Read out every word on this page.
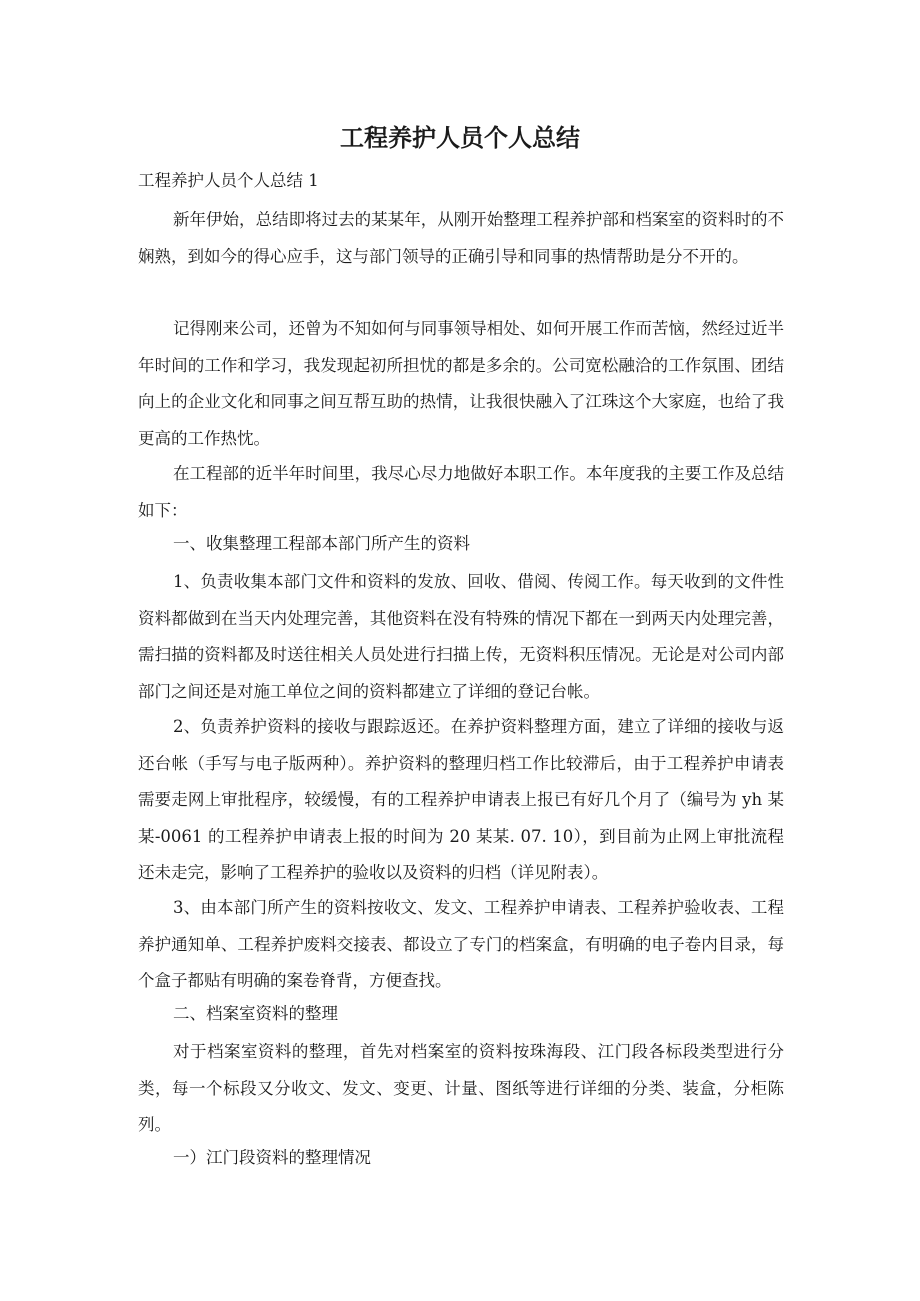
工程养护人员个人总结
工程养护人员个人总结 1
新年伊始，总结即将过去的某某年，从刚开始整理工程养护部和档案室的资料时的不娴熟，到如今的得心应手，这与部门领导的正确引导和同事的热情帮助是分不开的。
记得刚来公司，还曾为不知如何与同事领导相处、如何开展工作而苦恼，然经过近半年时间的工作和学习，我发现起初所担忧的都是多余的。公司宽松融洽的工作氛围、团结向上的企业文化和同事之间互帮互助的热情，让我很快融入了江珠这个大家庭，也给了我更高的工作热忱。
在工程部的近半年时间里，我尽心尽力地做好本职工作。本年度我的主要工作及总结如下：
一、收集整理工程部本部门所产生的资料
1、负责收集本部门文件和资料的发放、回收、借阅、传阅工作。每天收到的文件性资料都做到在当天内处理完善，其他资料在没有特殊的情况下都在一到两天内处理完善，需扫描的资料都及时送往相关人员处进行扫描上传，无资料积压情况。无论是对公司内部部门之间还是对施工单位之间的资料都建立了详细的登记台帐。
2、负责养护资料的接收与跟踪返还。在养护资料整理方面，建立了详细的接收与返还台帐（手写与电子版两种）。养护资料的整理归档工作比较滞后，由于工程养护申请表需要走网上审批程序，较缓慢，有的工程养护申请表上报已有好几个月了（编号为 yh 某某-0061 的工程养护申请表上报的时间为 20 某某. 07. 10），到目前为止网上审批流程还未走完，影响了工程养护的验收以及资料的归档（详见附表）。
3、由本部门所产生的资料按收文、发文、工程养护申请表、工程养护验收表、工程养护通知单、工程养护废料交接表、都设立了专门的档案盒，有明确的电子卷内目录，每个盒子都贴有明确的案卷脊背，方便查找。
二、档案室资料的整理
对于档案室资料的整理，首先对档案室的资料按珠海段、江门段各标段类型进行分类，每一个标段又分收文、发文、变更、计量、图纸等进行详细的分类、装盒，分柜陈列。
一）江门段资料的整理情况
